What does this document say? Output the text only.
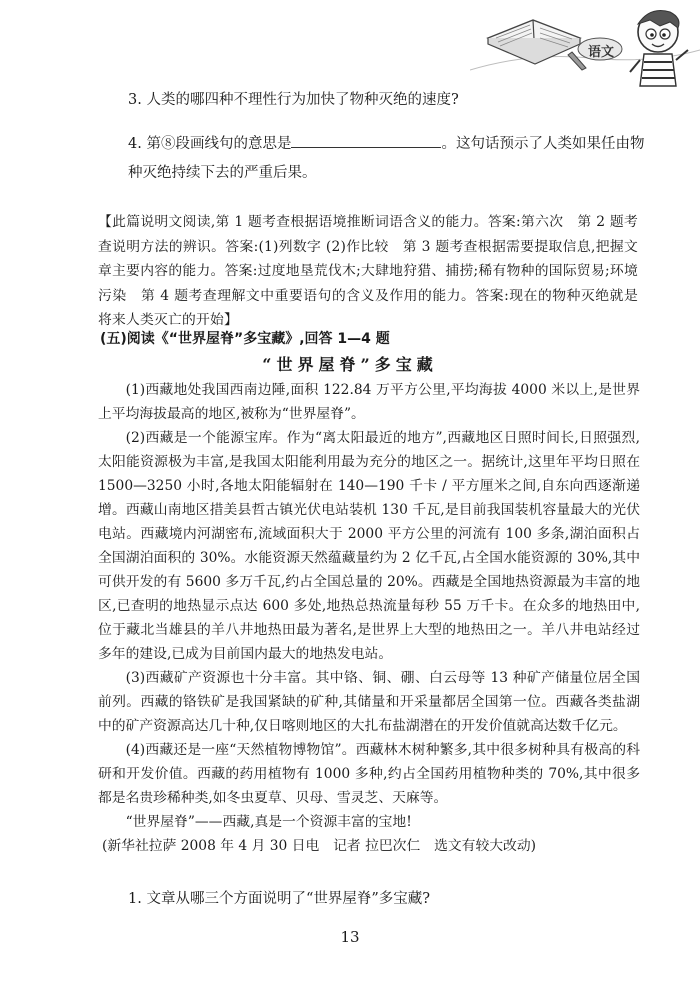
语文

3. 人类的哪四种不理性行为加快了物种灭绝的速度?

4. 第⑧段画线句的意思是	。这句话预示了人类如果任由物种灭绝持续下去的严重后果。

【此篇说明文阅读,第 1 题考查根据语境推断词语含义的能力。答案:第六次　第 2 题考查说明方法的辨识。答案:(1)列数字 (2)作比较　第 3 题考查根据需要提取信息,把握文章主要内容的能力。答案:过度地垦荒伐木;大肆地狩猎、捕捞;稀有物种的国际贸易;环境污染　第 4 题考查理解文中重要语句的含义及作用的能力。答案:现在的物种灭绝就是将来人类灭亡的开始】

(五)阅读《“世界屋脊”多宝藏》,回答 1—4 题

“世界屋脊”多宝藏

(1)西藏地处我国西南边陲,面积 122.84 万平方公里,平均海拔 4000 米以上,是世界上平均海拔最高的地区,被称为“世界屋脊”。

(2)西藏是一个能源宝库。作为“离太阳最近的地方”,西藏地区日照时间长,日照强烈,太阳能资源极为丰富,是我国太阳能利用最为充分的地区之一。据统计,这里年平均日照在 1500—3250 小时,各地太阳能辐射在 140—190 千卡 / 平方厘米之间,自东向西逐渐递增。西藏山南地区措美县哲古镇光伏电站装机 130 千瓦,是目前我国装机容量最大的光伏电站。西藏境内河湖密布,流域面积大于 2000 平方公里的河流有 100 多条,湖泊面积占全国湖泊面积的 30%。水能资源天然蕴藏量约为 2 亿千瓦,占全国水能资源的 30%,其中可供开发的有 5600 多万千瓦,约占全国总量的 20%。西藏是全国地热资源最为丰富的地区,已查明的地热显示点达 600 多处,地热总热流量每秒 55 万千卡。在众多的地热田中,位于藏北当雄县的羊八井地热田最为著名,是世界上大型的地热田之一。羊八井电站经过多年的建设,已成为目前国内最大的地热发电站。

(3)西藏矿产资源也十分丰富。其中铬、铜、硼、白云母等 13 种矿产储量位居全国前列。西藏的铬铁矿是我国紧缺的矿种,其储量和开采量都居全国第一位。西藏各类盐湖中的矿产资源高达几十种,仅日喀则地区的大扎布盐湖潜在的开发价值就高达数千亿元。

(4)西藏还是一座“天然植物博物馆”。西藏林木树种繁多,其中很多树种具有极高的科研和开发价值。西藏的药用植物有 1000 多种,约占全国药用植物种类的 70%,其中很多都是名贵珍稀种类,如冬虫夏草、贝母、雪灵芝、天麻等。

“世界屋脊”——西藏,真是一个资源丰富的宝地!

(新华社拉萨 2008 年 4 月 30 日电　记者 拉巴次仁　选文有较大改动)

1. 文章从哪三个方面说明了“世界屋脊”多宝藏?

13
